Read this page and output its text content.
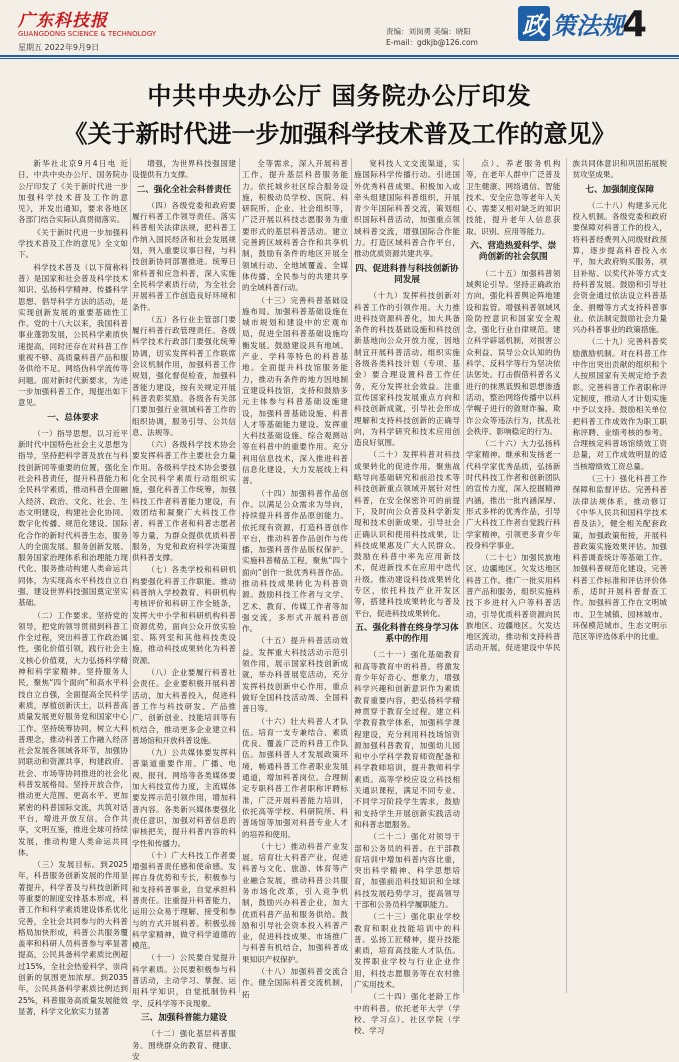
广东科技报
GUANGDONG SCIENCE & TECHNOLOGY
星期五 2022年9月9日
责编：刘岗勇 美编：晓阳
E-mail：gdkjb@126.com
政 策法规
4
中共中央办公厅 国务院办公厅印发
《关于新时代进一步加强科学技术普及工作的意见》

新华社北京9月4日电 近日，中共中央办公厅、国务院办公厅印发了《关于新时代进一步加强科学技术普及工作的意见》，并发出通知，要求各地区各部门结合实际认真贯彻落实。

《关于新时代进一步加强科学技术普及工作的意见》全文如下。

科学技术普及（以下简称科普）是国家和社会普及科学技术知识、弘扬科学精神、传播科学思想、倡导科学方法的活动，是实现创新发展的重要基础性工作。党的十八大以来，我国科普事业蓬勃发展，公民科学素质快速提高，同时还存在对科普工作重视不够、高质量科普产品和服务供给不足、网络伪科学流传等问题。面对新时代新要求，为进一步加强科普工作，现提出如下意见。

一、总体要求

（一）指导思想。以习近平新时代中国特色社会主义思想为指导，坚持把科学普及放在与科技创新同等重要的位置，强化全社会科普责任，提升科普能力和全民科学素质，推动科普全面融入经济、政治、文化、社会、生态文明建设，构建社会化协同、数字化传播、规范化建设、国际化合作的新时代科普生态，服务人的全面发展、服务创新发展、服务国家治理体系和治理能力现代化、服务推动构建人类命运共同体，为实现高水平科技自立自强、建设世界科技强国奠定坚实基础。

（二）工作要求。坚持党的领导，把党的领导贯彻到科普工作全过程，突出科普工作政治属性，强化价值引领，践行社会主义核心价值观，大力弘扬科学精神和科学家精神。坚持服务人民，聚焦“四个面向”和高水平科技自立自强，全面提高全民科学素质，厚植创新沃土，以科普高质量发展更好服务党和国家中心工作。坚持统筹协同，树立大科普理念，推动科普工作融入经济社会发展各领域各环节，加强协同联动和资源共享，构建政府、社会、市场等协同推进的社会化科普发展格局。坚持开放合作，推动更大范围、更高水平、更加紧密的科普国际交流，共筑对话平台，增进开放互信，合作共享，文明互鉴，推进全球可持续发展，推动构建人类命运共同体。

（三）发展目标。到2025年，科普服务创新发展的作用显著提升，科学普及与科技创新同等重要的制度安排基本形成，科普工作和科学素质建设体系优化完善，全社会共同参与的大科普格局加快形成，科普公共服务覆盖率和科研人员科普参与率显著提高，公民具备科学素质比例超过15%，全社会热爱科学、崇尚创新的氛围更加浓厚。到2035年，公民具备科学素质比例达到25%，科普服务高质量发展能效显著，科学文化软实力显著

增强，为世界科技强国建设提供有力支撑。

二、强化全社会科普责任

（四）各级党委和政府要履行科普工作领导责任。落实科普相关法律法规，把科普工作纳入国民经济和社会发展规划，列入重要议事日程，与科技创新协同部署推进。统筹日常科普和应急科普，深入实施全民科学素质行动，为全社会开展科普工作创造良好环境和条件。

（五）各行业主管部门要履行科普行政管理责任。各级科学技术行政部门要强化统筹协调，切实发挥科普工作联席会议机制作用，加强科普工作规划，强化督促检查，加强科普能力建设，按有关规定开展科普表彰奖励。各级各有关部门要加强行业领域科普工作的组织协调，服务引导、公共信息、法规等。

（六）各级科学技术协会要发挥科普工作主要社会力量作用。各级科学技术协会要强化全民科学素质行动组织实施，强化科普工作统筹，加强科技工作者科普能力建设，有效团结和凝聚广大科技工作者、科普工作者和科普志愿者等力量，为群众提供优质科普服务，为党和政府科学决策提供科普支撑。

（七）各类学校和科研机构要强化科普工作职能。推动科普纳入学校教育、科研机构考核评价和科研工作全链条，发挥大中小学和科研机构科普资源优势，面向公众开放实验室、陈列室和其他科技类设施，推动科技成果转化为科普资源。

（八）企业要履行科普社会责任。企业要积极开展科普活动，加大科普投入，促进科普工作与科技研发、产品推广、创新创业、技能培训等有机结合，推动更多企业建立科普场馆和开放科普设施。

（九）公共媒体要发挥科普渠道重要作用。广播、电视、报刊、网络等各类媒体要加大科技宣传力度，主流媒体要发挥示范引领作用，增加科普内容。各类新兴媒体要强化责任意识，加强对科普信息的审核把关，提升科普内容的科学性和传播力。

（十）广大科技工作者要增强科普责任感和使命感。发挥自身优势和专长，积极参与和支持科普事业，自觉承担科普责任。注重提升科普能力，运用公众易于理解、接受和参与的方式开展科普。积极弘扬科学家精神，做守科学道德的模范。

（十一）公民要自觉提升科学素质。公民要积极参与科普活动，主动学习、掌握、运用科学知识，自觉抵制伪科学、反科学等不良现象。

三、加强科普能力建设

（十二）强化基层科普服务。围绕群众的教育、健康、安

全等需求，深入开展科普工作，提升基层科普服务能力。依托城乡社区综合服务设施，积极动员学校、医院、科研院所、企业、社会组织等，广泛开展以科技志愿服务为重要形式的基层科普活动。建立完善跨区域科普合作和共享机制，鼓励有条件的地区开展全领域行动、全地域覆盖、全媒体传播、全民参与的共建共享的全域科普行动。

（十三）完善科普基础设施布局。加强科普基础设施在城市规划和建设中的宏观布局，促进全国科普基础设施均衡发展。鼓励建设具有地域、产业、学科等特色的科普基地。全面提升科技馆服务能力，推动有条件的地方因地制宜建设科技馆，支持和鼓励多元主体参与科普基础设施建设，加强科普基础设施、科普人才等基础能力建设。发挥重大科技基础设施、综合观测站等在科普中的重要作用。充分利用信息技术，深入推进科普信息化建设，大力发展线上科普。

（十四）加强科普作品创作。以满足公众需求为导向，持续提升科普作品原创能力。依托现有资源，打造科普创作平台，推动科普作品创作与传播，加强科普作品版权保护。实施科普精品工程，聚焦“四个面向”创作一批优秀科普作品。推动科技成果转化为科普资源。鼓励科技工作者与文学、艺术、教育、传媒工作者等加强交流，多形式开展科普创作。

（十五）提升科普活动效益。发挥重大科技活动示范引领作用，展示国家科技创新成就，举办科普展览活动，充分发挥科技创新中心作用，重点做好全国科技活动周、全国科普日等。

（十六）壮大科普人才队伍。培育一支专兼结合、素质优良、覆盖广泛的科普工作队伍。加强科普人才发展政策环境，畅通科普工作者职业发展通道，增加科普岗位。合理制定专职科普工作者职称评聘标准，广泛开展科普能力培训，依托高等学校、科研院所、科普场馆等加强对科普专业人才的培养和使用。

（十七）推动科普产业发展。培育壮大科普产业，促进科普与文化、旅游、体育等产业融合发展，推动科普公共服务市场化改革，引入竞争机制，鼓励兴办科普企业，加大优质科普产品和服务供给。鼓励和引导社会资本投入科普产业，促进科技成果、市场推广与科普有机结合，加强科普成果知识产权保护。

（十八）加强科普交流合作。健全国际科普交流机制，拓

宽科技人文交流渠道，实施国际科学传播行动。引进国外优秀科普成果。积极加入或牵头组建国际科普组织，开展青少年国际科普交流，策划组织国际科普活动，加强重点领域科普交流，增强国际合作能力。打造区域科普合作平台，推动优质资源共建共享。

四、促进科普与科技创新协同发展

（十九）发挥科技创新对科普工作的引领作用。大力推进科技资源科普化，加大具备条件的科技基础设施和科技创新基地向公众开放力度，因地制宜开展科普活动。组织实施各级各类科技计划（专项、基金）要合理设置科普工作任务，充分发挥社会效益。注重宣传国家科技发展重点方向和科技创新成就，引导社会形成理解和支持科技创新的正确导向，为科学研究和技术应用创造良好氛围。

（二十）发挥科普对科技成果转化的促进作用。聚焦战略导向基础研究和前沿技术等科技创新重点领域开展针对性科普，在安全保密许可的前提下，及时向公众普及科学新发现和技术创新成果。引导社会正确认识和使用科技成果，让科技成果惠及广大人民群众。鼓励在科普中率先应用新技术，促进新技术在应用中迭代升级。推动建设科技成果转化专区，依托科技产业开发区等，搭建科技成果转化与普及平台，促进科技成果转化。

五、强化科普在终身学习体系中的作用

（二十一）强化基础教育和高等教育中的科普。将激发青少年好奇心、想象力，增强科学兴趣和创新意识作为素质教育重要内容，把弘扬科学精神贯穿于教育全过程。建立科学教育教学体系，加强科学课程建设，充分利用科技场馆资源加强科普教育，加强幼儿园和中小学科学教育师资配备和科学教师培训，提升教师科学素质。高等学校应设立科技相关通识课程，满足不同专业、不同学习阶段学生需求，鼓励和支持学生开展创新实践活动和科普志愿服务。

（二十二）强化对领导干部和公务员的科普。在干部教育培训中增加科普内容比重，突出科学精神、科学思想培育，加强前沿科技知识和全球科技发展趋势学习，提高领导干部和公务员科学履职能力。

（二十三）强化职业学校教育和职业技能培训中的科普。弘扬工匠精神，提升技能素质，培育高技能人才队伍。发挥职业学校与行业企业作用，科技志愿服务等在农村推广实用技术。

（二十四）强化老龄工作中的科普。依托老年大学（学校、学习点）、社区学院（学校、学习

点）、养老服务机构等，在老年人群中广泛普及卫生健康、网络通信、智能技术、安全应急等老年人关心、需要又相对缺乏的知识技能，提升老年人信息获取、识别、应用等能力。

六、营造热爱科学、崇尚创新的社会氛围

（二十五）加强科普领域舆论引导。坚持正确政治方向，强化科普舆论阵地建设和监管。增强科普领域风险防控意识和国家安全观念，强化行业自律规范。建立科学辟谣机制，对损害公众利益、误导公众认知的伪科学、反科学等行为坚决依法惩处。打击假借科普名义进行的抹黑诋毁和思想渗透活动，整治网络传播中以科学幌子进行的敛财诈骗、欺诈公众等违法行为，扰乱社会秩序、影响稳定的行为。

（二十六）大力弘扬科学家精神。继承和发扬老一代科学家优秀品质，弘扬新时代科技工作者和创新团队的宣传力度，深入挖掘精神内涵，推出一批内涵深厚、形式多样的优秀作品，引导广大科技工作者自觉践行科学家精神，引领更多青少年投身科学事业。

（二十七）加强民族地区、边疆地区、欠发达地区科普工作。推广一批实用科普产品和服务，组织实施科技下乡进村入户等科普活动，引导优质科普资源向民族地区、边疆地区、欠发达地区流动，推动和支持科普活动开展，促进建设中华民族共同体意识和巩固拓展脱贫攻坚成果。

七、加强制度保障

（二十八）构建多元化投入机制。各级党委和政府要保障对科普工作的投入，将科普经费列入同级财政预算，逐步提高科普投入水平，加大政府购买服务，项目补贴、以奖代补等方式支持科普发展。鼓励和引导社会资金通过依法设立科普基金、捐赠等方式支持科普事业。依法制定鼓励社会力量兴办科普事业的政策措施。

（二十九）完善科普奖励激励机制。对在科普工作中作出突出贡献的组织和个人按照国家有关规定给予表彰。完善科普工作者职称评定制度，推动人才计划实施中予以支持。鼓励相关单位把科普工作成效作为职工职称评聘、业绩考核的参考。合理核定科普场馆绩效工资总量，对工作成效明显的适当核增绩效工资总量。

（三十）强化科普工作保障和监督评估。完善科普法律法规体系，推动修订《中华人民共和国科学技术普及法》，健全相关配套政策，加强政策衔接，开展科普政策实施效果评估。加强科普调查统计等基础工作。加强科普规范化建设，完善科普工作标准和评估评价体系，适时开展科普督查工作。加强科普工作在文明城市、卫生城镇、园林城市、环保模范城市、生态文明示范区等评选体系中的比重。
